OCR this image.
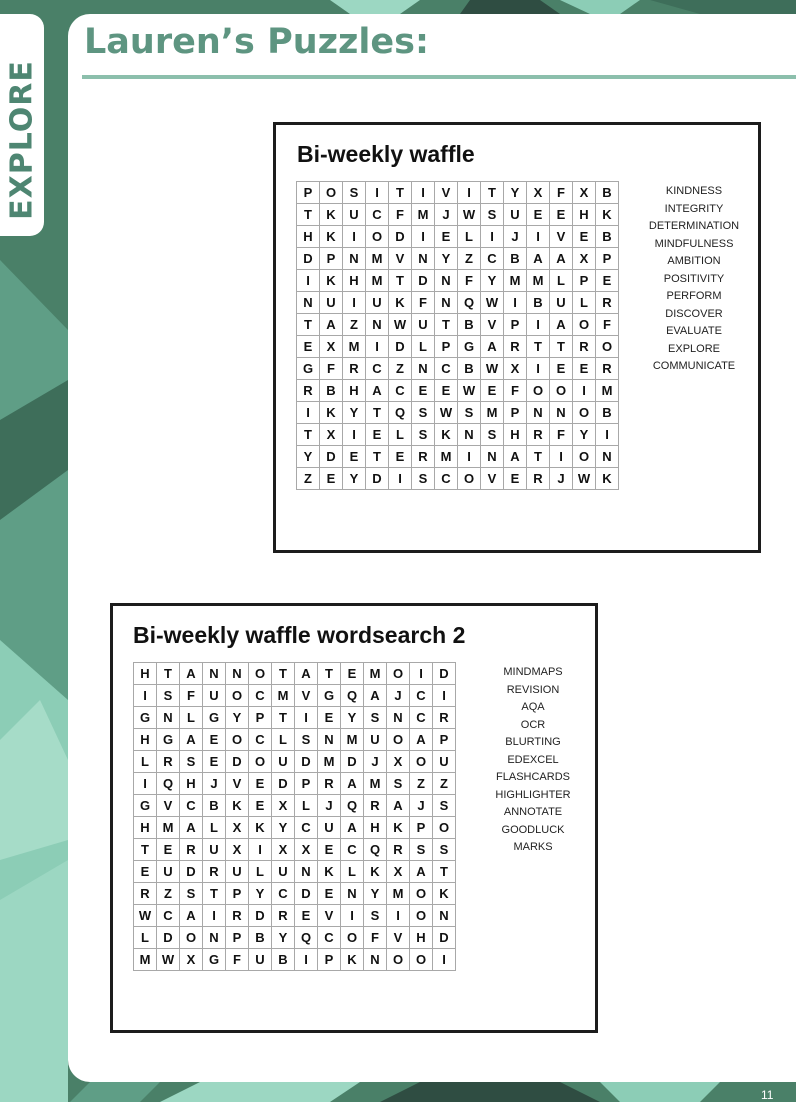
EXPLORE
Lauren’s Puzzles:
Bi-weekly waffle
P	O	S	I	T	I	V	I	T	Y	X	F	X	B
T	K	U	C	F	M	J	W	S	U	E	E	H	K
H	K	I	O	D	I	E	L	I	J	I	V	E	B
D	P	N	M	V	N	Y	Z	C	B	A	A	X	P
I	K	H	M	T	D	N	F	Y	M	M	L	P	E
N	U	I	U	K	F	N	Q	W	I	B	U	L	R
T	A	Z	N	W	U	T	B	V	P	I	A	O	F
E	X	M	I	D	L	P	G	A	R	T	T	R	O
G	F	R	C	Z	N	C	B	W	X	I	E	E	R
R	B	H	A	C	E	E	W	E	F	O	O	I	M
I	K	Y	T	Q	S	W	S	M	P	N	N	O	B
T	X	I	E	L	S	K	N	S	H	R	F	Y	I
Y	D	E	T	E	R	M	I	N	A	T	I	O	N
Z	E	Y	D	I	S	C	O	V	E	R	J	W	K
KINDNESS
INTEGRITY
DETERMINATION
MINDFULNESS
AMBITION
POSITIVITY
PERFORM
DISCOVER
EVALUATE
EXPLORE
COMMUNICATE
Bi-weekly waffle wordsearch 2
H	T	A	N	N	O	T	A	T	E	M	O	I	D
I	S	F	U	O	C	M	V	G	Q	A	J	C	I
G	N	L	G	Y	P	T	I	E	Y	S	N	C	R
H	G	A	E	O	C	L	S	N	M	U	O	A	P
L	R	S	E	D	O	U	D	M	D	J	X	O	U
I	Q	H	J	V	E	D	P	R	A	M	S	Z	Z
G	V	C	B	K	E	X	L	J	Q	R	A	J	S
H	M	A	L	X	K	Y	C	U	A	H	K	P	O
T	E	R	U	X	I	X	X	E	C	Q	R	S	S
E	U	D	R	U	L	U	N	K	L	K	X	A	T
R	Z	S	T	P	Y	C	D	E	N	Y	M	O	K
W	C	A	I	R	D	R	E	V	I	S	I	O	N
L	D	O	N	P	B	Y	Q	C	O	F	V	H	D
M	W	X	G	F	U	B	I	P	K	N	O	O	I
MINDMAPS
REVISION
AQA
OCR
BLURTING
EDEXCEL
FLASHCARDS
HIGHLIGHTER
ANNOTATE
GOODLUCK
MARKS
11
